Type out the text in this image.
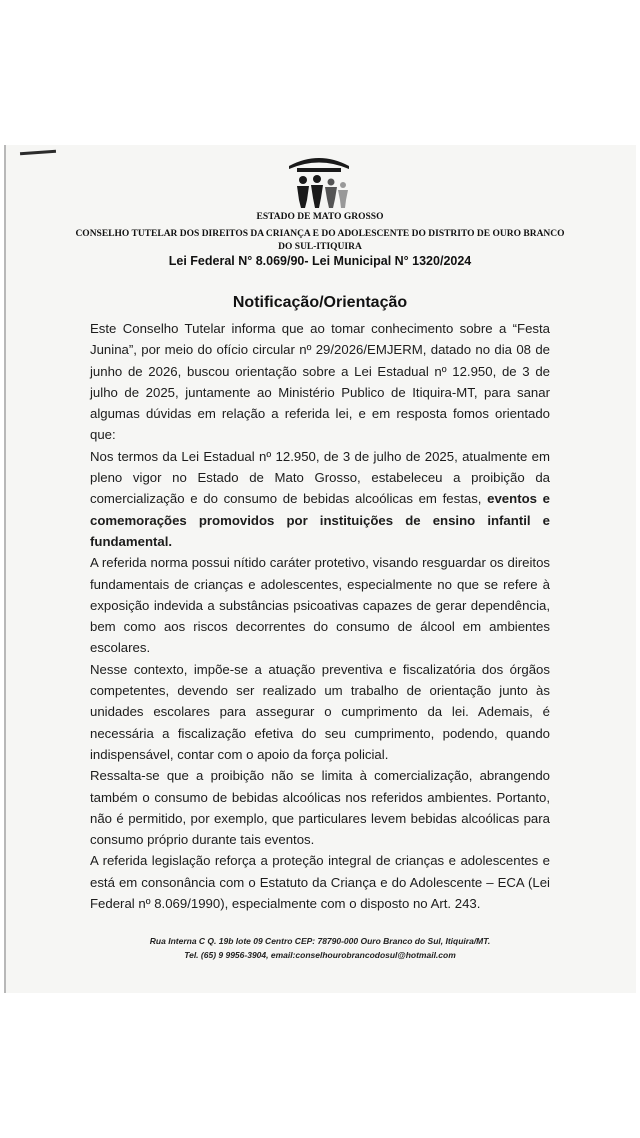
ESTADO DE MATO GROSSO
CONSELHO TUTELAR DOS DIREITOS DA CRIANÇA E DO ADOLESCENTE DO DISTRITO DE OURO BRANCO
DO SUL-ITIQUIRA
Lei Federal N° 8.069/90- Lei Municipal N° 1320/2024
Notificação/Orientação

Este Conselho Tutelar informa que ao tomar conhecimento sobre a “Festa Junina”, por meio do ofício circular nº 29/2026/EMJERM, datado no dia 08 de junho de 2026, buscou orientação sobre a Lei Estadual nº 12.950, de 3 de julho de 2025, juntamente ao Ministério Publico de Itiquira-MT, para sanar algumas dúvidas em relação a referida lei, e em resposta fomos orientado que:

Nos termos da Lei Estadual nº 12.950, de 3 de julho de 2025, atualmente em pleno vigor no Estado de Mato Grosso, estabeleceu a proibição da comercialização e do consumo de bebidas alcoólicas em festas, eventos e comemorações promovidos por instituições de ensino infantil e fundamental.

A referida norma possui nítido caráter protetivo, visando resguardar os direitos fundamentais de crianças e adolescentes, especialmente no que se refere à exposição indevida a substâncias psicoativas capazes de gerar dependência, bem como aos riscos decorrentes do consumo de álcool em ambientes escolares.

Nesse contexto, impõe-se a atuação preventiva e fiscalizatória dos órgãos competentes, devendo ser realizado um trabalho de orientação junto às unidades escolares para assegurar o cumprimento da lei. Ademais, é necessária a fiscalização efetiva do seu cumprimento, podendo, quando indispensável, contar com o apoio da força policial.

Ressalta-se que a proibição não se limita à comercialização, abrangendo também o consumo de bebidas alcoólicas nos referidos ambientes. Portanto, não é permitido, por exemplo, que particulares levem bebidas alcoólicas para consumo próprio durante tais eventos.

A referida legislação reforça a proteção integral de crianças e adolescentes e está em consonância com o Estatuto da Criança e do Adolescente – ECA (Lei Federal nº 8.069/1990), especialmente com o disposto no Art. 243.

Rua Interna C Q. 19b lote 09 Centro CEP: 78790-000 Ouro Branco do Sul, Itiquira/MT.
Tel. (65) 9 9956-3904, email:conselhourobrancodosul@hotmail.com
